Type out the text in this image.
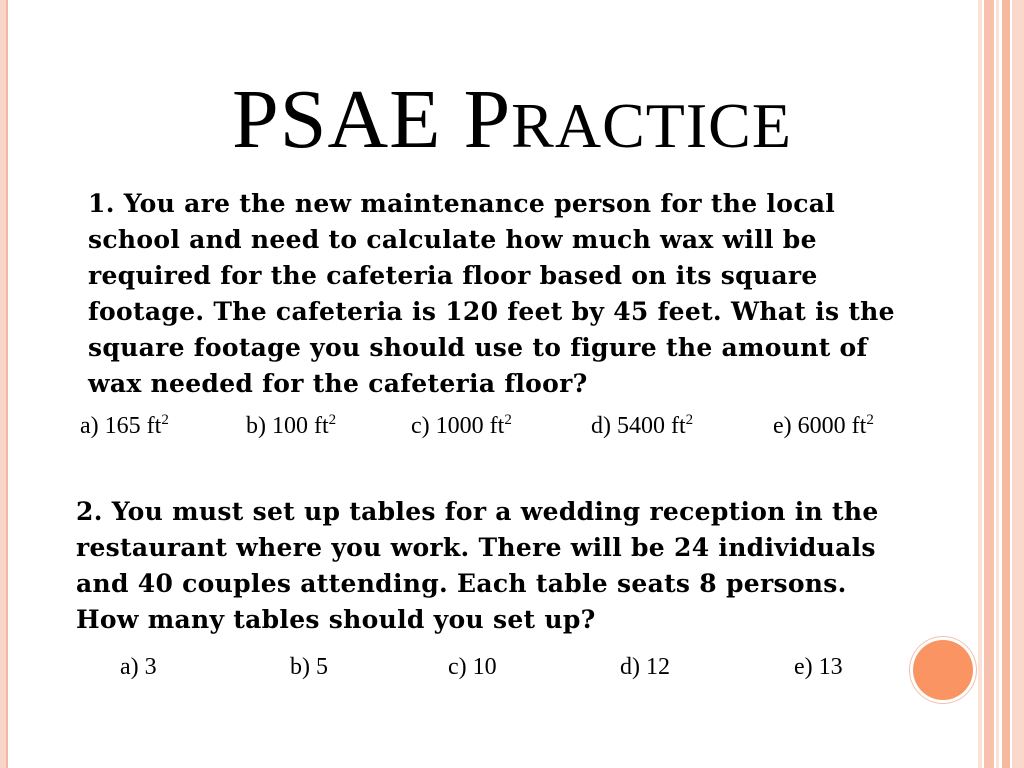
PSAE PRACTICE
1. You are the new maintenance person for the local school and need to calculate how much wax will be required for the cafeteria floor based on its square footage. The cafeteria is 120 feet by 45 feet. What is the square footage you should use to figure the amount of wax needed for the cafeteria floor?
a) 165 $ft^2$	b) 100 $ft^2$	c) 1000 $ft^2$	d) 5400 $ft^2$	e) 6000 $ft^2$
2. You must set up tables for a wedding reception in the restaurant where you work. There will be 24 individuals and 40 couples attending. Each table seats 8 persons. How many tables should you set up?
a) 3	b) 5	c) 10	d) 12	e) 13
